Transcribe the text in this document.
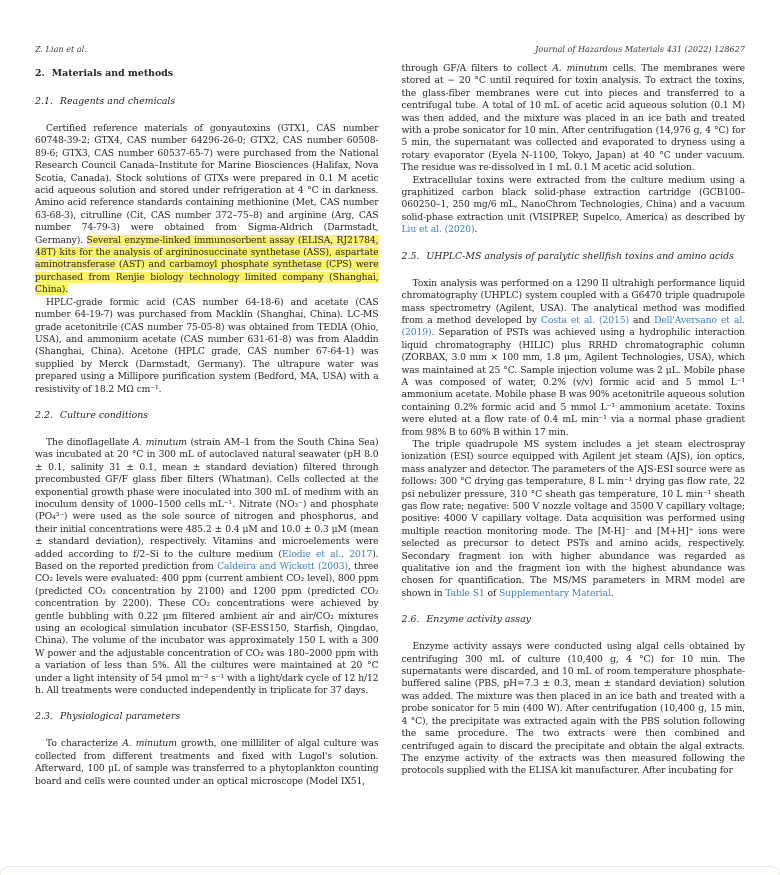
Z. Lian et al.	Journal of Hazardous Materials 431 (2022) 128627
2. Materials and methods
2.1. Reagents and chemicals

Certified reference materials of gonyautoxins (GTX1, CAS number 60748-39-2; GTX4, CAS number 64296-26-0; GTX2, CAS number 60508-89-6; GTX3, CAS number 60537-65-7) were purchased from the National Research Council Canada–Institute for Marine Biosciences (Halifax, Nova Scotia, Canada). Stock solutions of GTXs were prepared in 0.1 M acetic acid aqueous solution and stored under refrigeration at 4 °C in darkness. Amino acid reference standards containing methionine (Met, CAS number 63-68-3), citrulline (Cit, CAS number 372–75–8) and arginine (Arg, CAS number 74-79-3) were obtained from Sigma-Aldrich (Darmstadt, Germany). Several enzyme-linked immunosorbent assay (ELISA, RJ21784, 48T) kits for the analysis of argininosuccinate synthetase (ASS), aspartate aminotransferase (AST) and carbamoyl phosphate synthetase (CPS) were purchased from Renjie biology technology limited company (Shanghai, China).

HPLC-grade formic acid (CAS number 64-18-6) and acetate (CAS number 64-19-7) was purchased from Macklin (Shanghai, China). LC-MS grade acetonitrile (CAS number 75-05-8) was obtained from TEDIA (Ohio, USA), and ammonium acetate (CAS number 631-61-8) was from Aladdin (Shanghai, China). Acetone (HPLC grade, CAS number 67-64-1) was supplied by Merck (Darmstadt, Germany). The ultrapure water was prepared using a Millipore purification system (Bedford, MA, USA) with a resistivity of 18.2 MΩ cm⁻¹.

2.2. Culture conditions

The dinoflagellate A. minutum (strain AM–1 from the South China Sea) was incubated at 20 °C in 300 mL of autoclaved natural seawater (pH 8.0 ± 0.1, salinity 31 ± 0.1, mean ± standard deviation) filtered through precombusted GF/F glass fiber filters (Whatman). Cells collected at the exponential growth phase were inoculated into 300 mL of medium with an inoculum density of 1000–1500 cells mL⁻¹. Nitrate (NO₃⁻) and phosphate (PO₄³⁻) were used as the sole source of nitrogen and phosphorus, and their initial concentrations were 485.2 ± 0.4 μM and 10.0 ± 0.3 μM (mean ± standard deviation), respectively. Vitamins and microelements were added according to f/2–Si to the culture medium (Elodie et al., 2017). Based on the reported prediction from Caldeira and Wickett (2003), three CO₂ levels were evaluated: 400 ppm (current ambient CO₂ level), 800 ppm (predicted CO₂ concentration by 2100) and 1200 ppm (predicted CO₂ concentration by 2200). These CO₂ concentrations were achieved by gentle bubbling with 0.22 μm filtered ambient air and air/CO₂ mixtures using an ecological simulation incubator (SF-ESS150, Starfish, Qingdao, China). The volume of the incubator was approximately 150 L with a 300 W power and the adjustable concentration of CO₂ was 180–2000 ppm with a variation of less than 5%. All the cultures were maintained at 20 °C under a light intensity of 54 μmol m⁻² s⁻¹ with a light/dark cycle of 12 h/12 h. All treatments were conducted independently in triplicate for 37 days.

2.3. Physiological parameters

To characterize A. minutum growth, one milliliter of algal culture was collected from different treatments and fixed with Lugol's solution. Afterward, 100 μL of sample was transferred to a phytoplankton counting board and cells were counted under an optical microscope (Model IX51,

through GF/A filters to collect A. minutum cells. The membranes were stored at − 20 °C until required for toxin analysis. To extract the toxins, the glass-fiber membranes were cut into pieces and transferred to a centrifugal tube. A total of 10 mL of acetic acid aqueous solution (0.1 M) was then added, and the mixture was placed in an ice bath and treated with a probe sonicator for 10 min. After centrifugation (14,976 g, 4 °C) for 5 min, the supernatant was collected and evaporated to dryness using a rotary evaporator (Eyela N-1100, Tokyo, Japan) at 40 °C under vacuum. The residue was re-dissolved in 1 mL 0.1 M acetic acid solution.

Extracellular toxins were extracted from the culture medium using a graphitized carbon black solid-phase extraction cartridge (GCB100–060250–1, 250 mg/6 mL, NanoChrom Technologies, China) and a vacuum solid-phase extraction unit (VISIPREP, Supelco, America) as described by Liu et al. (2020).

2.5. UHPLC-MS analysis of paralytic shellfish toxins and amino acids

Toxin analysis was performed on a 1290 II ultrahigh performance liquid chromatography (UHPLC) system coupled with a G6470 triple quadrupole mass spectrometry (Agilent, USA). The analytical method was modified from a method developed by Costa et al. (2015) and Dell'Aversano et al. (2019). Separation of PSTs was achieved using a hydrophilic interaction liquid chromatography (HILIC) plus RRHD chromatographic column (ZORBAX, 3.0 mm × 100 mm, 1.8 μm, Agilent Technologies, USA), which was maintained at 25 °C. Sample injection volume was 2 μL. Mobile phase A was composed of water, 0.2% (v/v) formic acid and 5 mmol L⁻¹ ammonium acetate. Mobile phase B was 90% acetonitrile aqueous solution containing 0.2% formic acid and 5 mmol L⁻¹ ammonium acetate. Toxins were eluted at a flow rate of 0.4 mL min⁻¹ via a normal phase gradient from 98% B to 60% B within 17 min.

The triple quadrupole MS system includes a jet steam electrospray ionization (ESI) source equipped with Agilent jet steam (AJS), ion optics, mass analyzer and detector. The parameters of the AJS-ESI source were as follows: 300 °C drying gas temperature, 8 L min⁻¹ drying gas flow rate, 22 psi nebulizer pressure, 310 °C sheath gas temperature, 10 L min⁻¹ sheath gas flow rate; negative: 500 V nozzle voltage and 3500 V capillary voltage; positive: 4000 V capillary voltage. Data acquisition was performed using multiple reaction monitoring mode. The [M-H]⁻ and [M+H]⁺ ions were selected as precursor to detect PSTs and amino acids, respectively. Secondary fragment ion with higher abundance was regarded as qualitative ion and the fragment ion with the highest abundance was chosen for quantification. The MS/MS parameters in MRM model are shown in Table S1 of Supplementary Material.

2.6. Enzyme activity assay

Enzyme activity assays were conducted using algal cells obtained by centrifuging 300 mL of culture (10,400 g, 4 °C) for 10 min. The supernatants were discarded, and 10 mL of room temperature phosphate-buffered saline (PBS, pH=7.3 ± 0.3, mean ± standard deviation) solution was added. The mixture was then placed in an ice bath and treated with a probe sonicator for 5 min (400 W). After centrifugation (10,400 g, 15 min, 4 °C), the precipitate was extracted again with the PBS solution following the same procedure. The two extracts were then combined and centrifuged again to discard the precipitate and obtain the algal extracts. The enzyme activity of the extracts was then measured following the protocols supplied with the ELISA kit manufacturer. After incubating for
